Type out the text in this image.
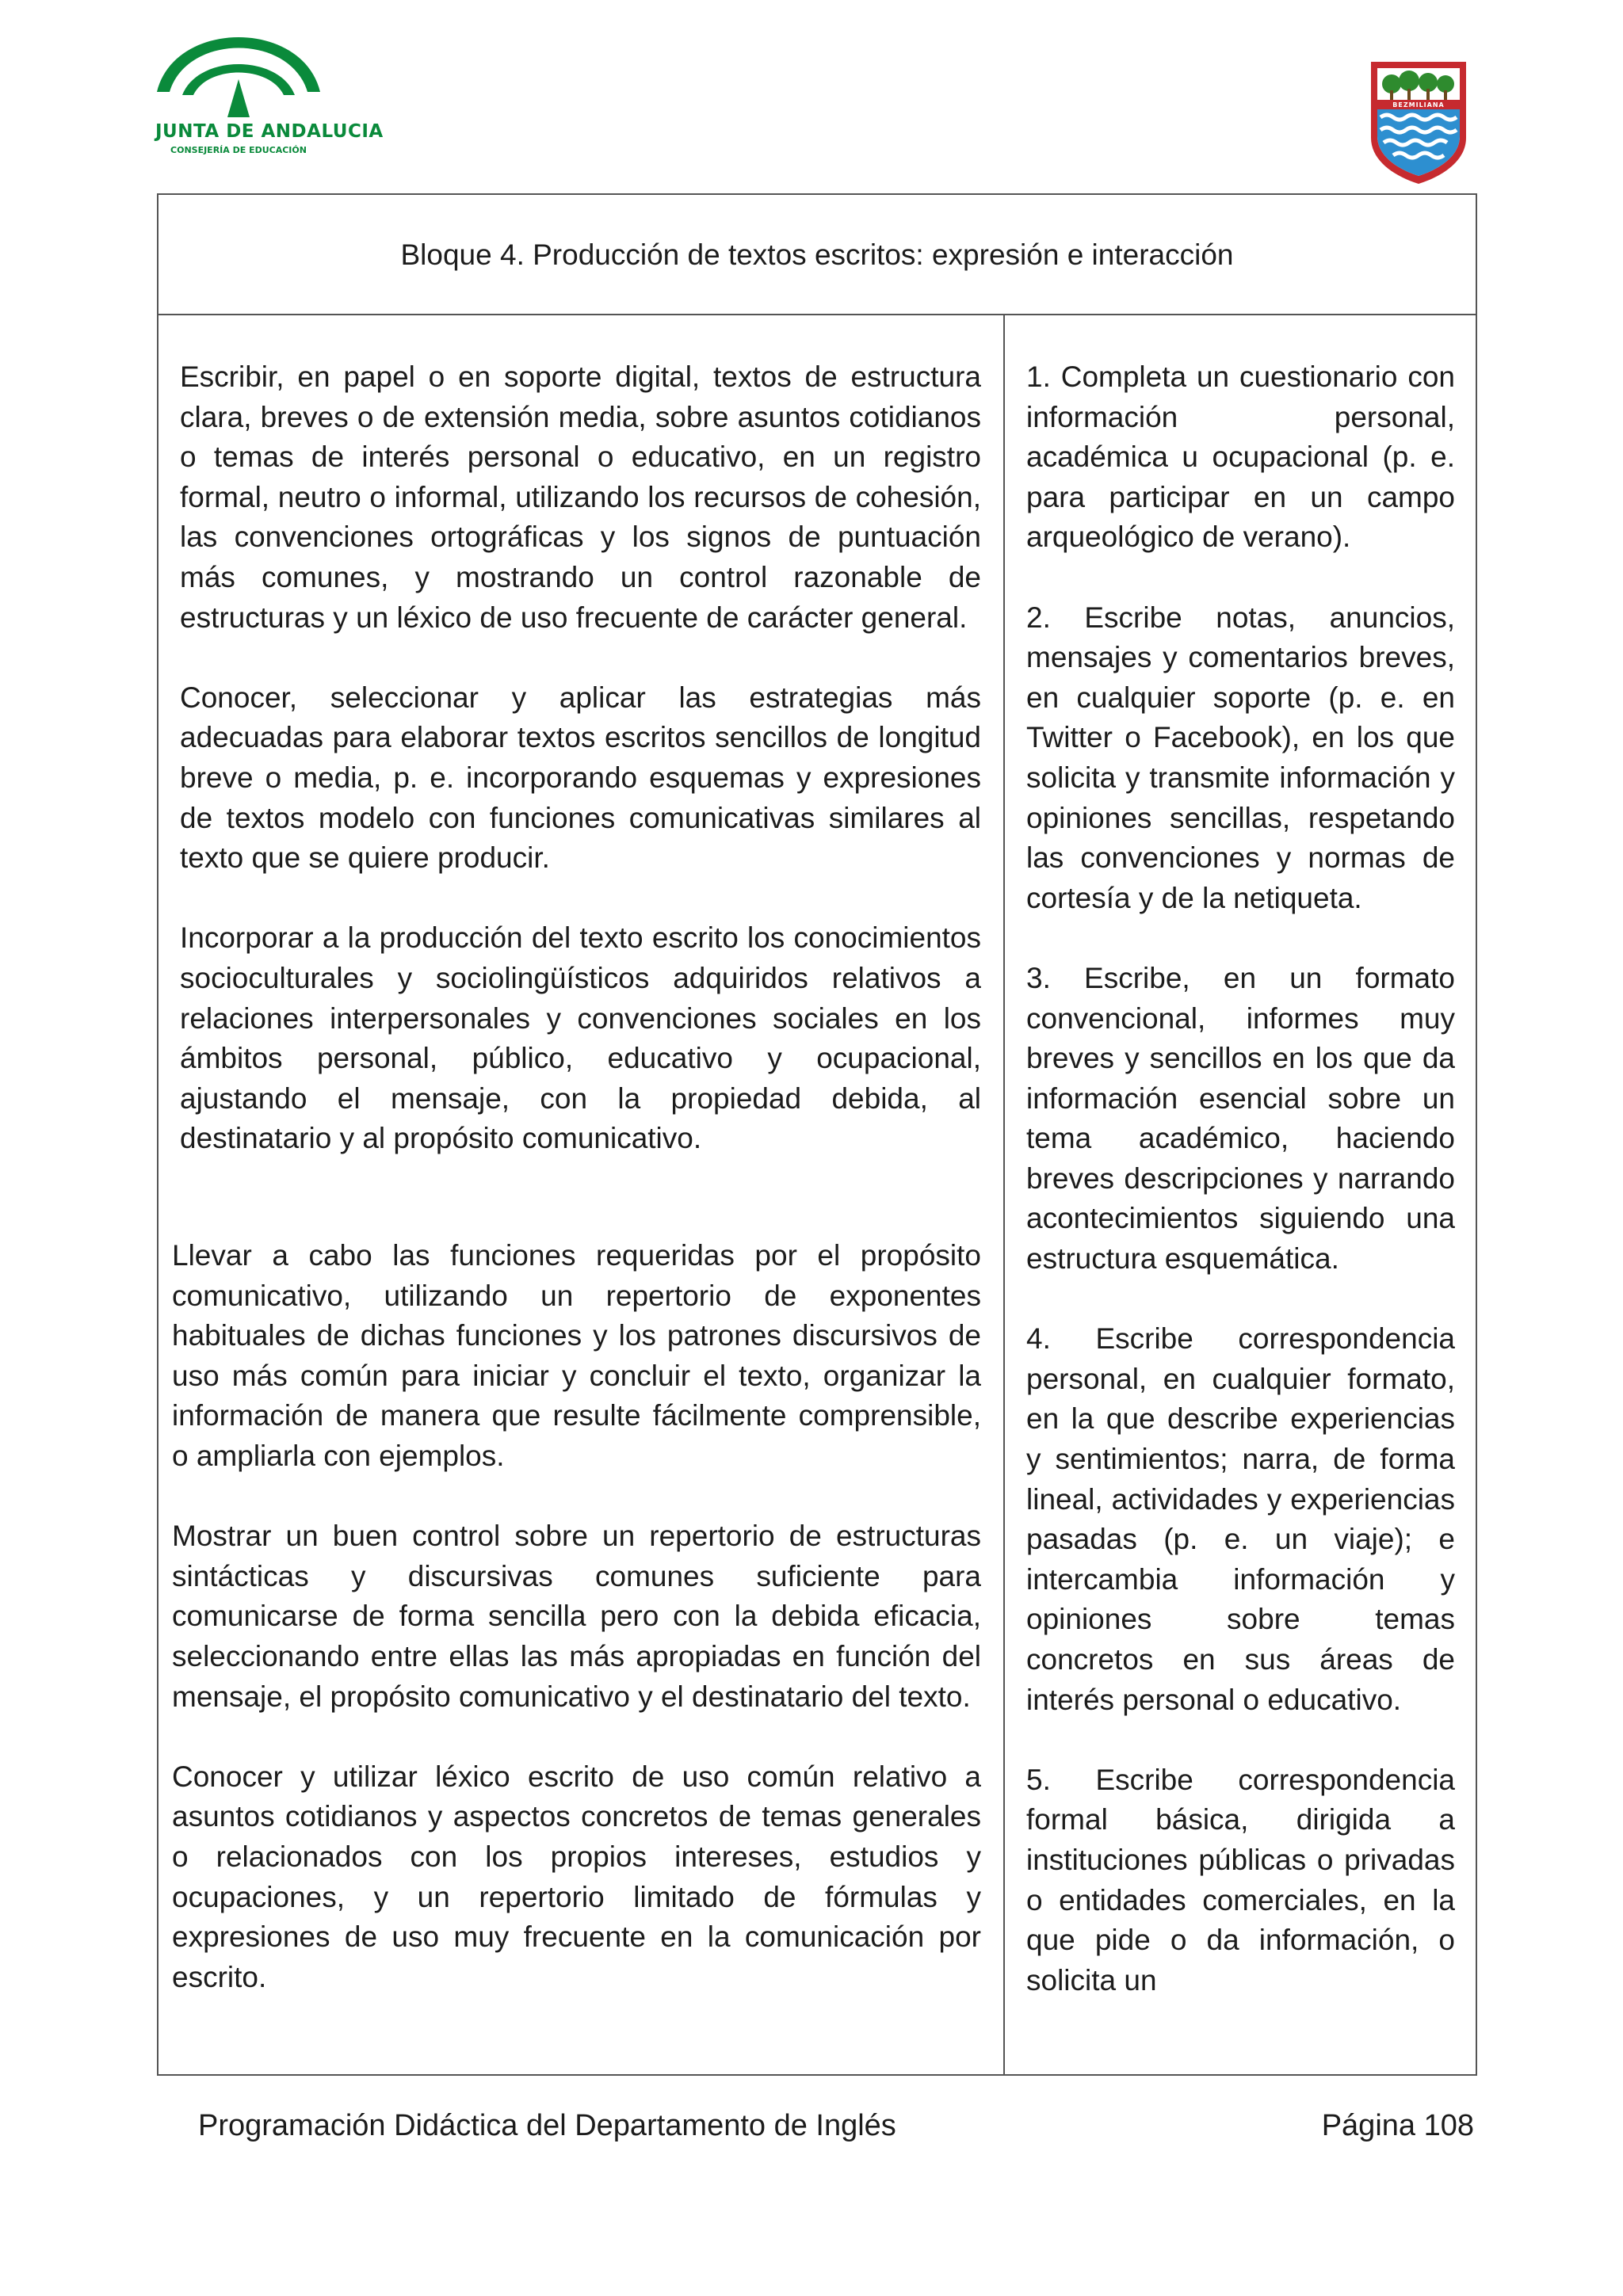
JUNTA DE ANDALUCIA
CONSEJERÍA DE EDUCACIÓN
BEZMILIANA
Bloque 4. Producción de textos escritos: expresión e interacción

Escribir, en papel o en soporte digital, textos de estructura clara, breves o de extensión media, sobre asuntos cotidianos o temas de interés personal o educativo, en un registro formal, neutro o informal, utilizando los recursos de cohesión, las convenciones ortográficas y los signos de puntuación más comunes, y mostrando un control razonable de estructuras y un léxico de uso frecuente de carácter general.

Conocer, seleccionar y aplicar las estrategias más adecuadas para elaborar textos escritos sencillos de longitud breve o media, p. e. incorporando esquemas y expresiones de textos modelo con funciones comunicativas similares al texto que se quiere producir.

Incorporar a la producción del texto escrito los conocimientos socioculturales y sociolingüísticos adquiridos relativos a relaciones interpersonales y convenciones sociales en los ámbitos personal, público, educativo y ocupacional, ajustando el mensaje, con la propiedad debida, al destinatario y al propósito comunicativo.

Llevar a cabo las funciones requeridas por el propósito comunicativo, utilizando un repertorio de exponentes habituales de dichas funciones y los patrones discursivos de uso más común para iniciar y concluir el texto, organizar la información de manera que resulte fácilmente comprensible, o ampliarla con ejemplos.

Mostrar un buen control sobre un repertorio de estructuras sintácticas y discursivas comunes suficiente para comunicarse de forma sencilla pero con la debida eficacia, seleccionando entre ellas las más apropiadas en función del mensaje, el propósito comunicativo y el destinatario del texto.

Conocer y utilizar léxico escrito de uso común relativo a asuntos cotidianos y aspectos concretos de temas generales o relacionados con los propios intereses, estudios y ocupaciones, y un repertorio limitado de fórmulas y expresiones de uso muy frecuente en la comunicación por escrito.

1. Completa un cuestionario con información personal, académica u ocupacional (p. e. para participar en un campo arqueológico de verano).

2. Escribe notas, anuncios, mensajes y comentarios breves, en cualquier soporte (p. e. en Twitter o Facebook), en los que solicita y transmite información y opiniones sencillas, respetando las convenciones y normas de cortesía y de la netiqueta.

3. Escribe, en un formato convencional, informes muy breves y sencillos en los que da información esencial sobre un tema académico, haciendo breves descripciones y narrando acontecimientos siguiendo una estructura esquemática.

4. Escribe correspondencia personal, en cualquier formato, en la que describe experiencias y sentimientos; narra, de forma lineal, actividades y experiencias pasadas (p. e. un viaje); e intercambia información y opiniones sobre temas concretos en sus áreas de interés personal o educativo.

5. Escribe correspondencia formal básica, dirigida a instituciones públicas o privadas o entidades comerciales, en la que pide o da información, o solicita un

Programación Didáctica del Departamento de Inglés	Página 108
